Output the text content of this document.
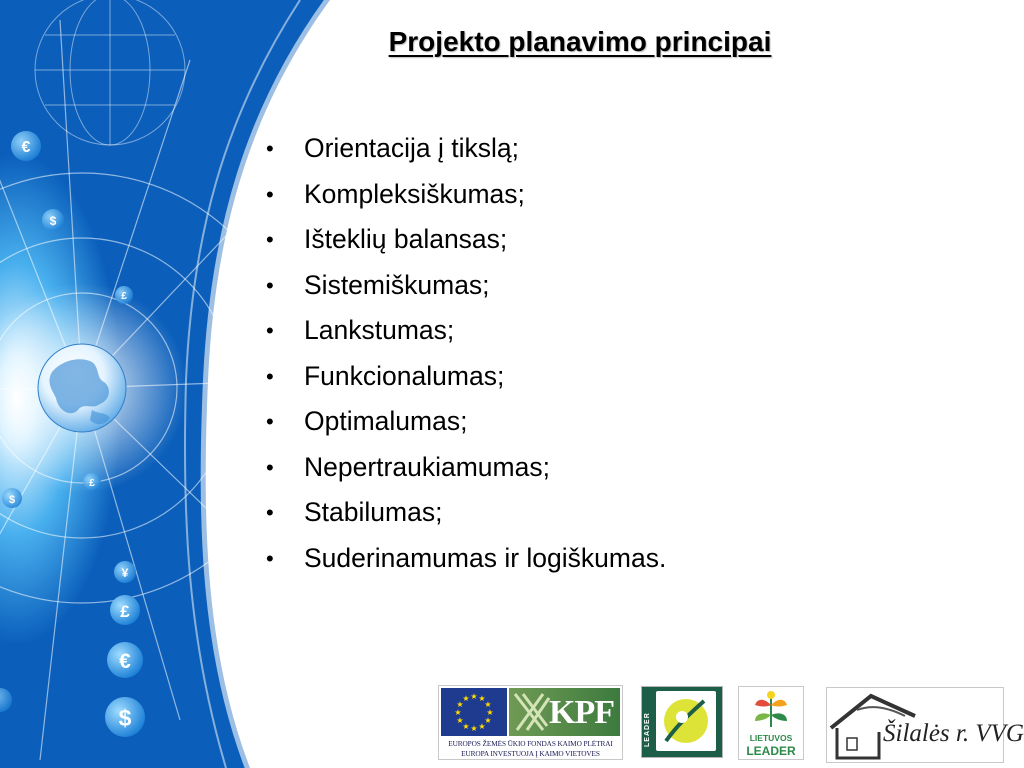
€
$
£
£
$
¥
£
€
$
Projekto planavimo principai
• Orientacija į tikslą;
• Kompleksiškumas;
• Išteklių balansas;
• Sistemiškumas;
• Lankstumas;
• Funkcionalumas;
• Optimalumas;
• Nepertraukiamumas;
• Stabilumas;
• Suderinamumas ir logiškumas.
★ ★
★
★
★
★
★
★
★
★
★
★ KPF
EUROPOS ŽEMĖS ŪKIO FONDAS KAIMO PLĖTRAI
EUROPA INVESTUOJA Į KAIMO VIETOVES
LEADER	LIETUVOS
LEADER
Šilalės r. VVG
